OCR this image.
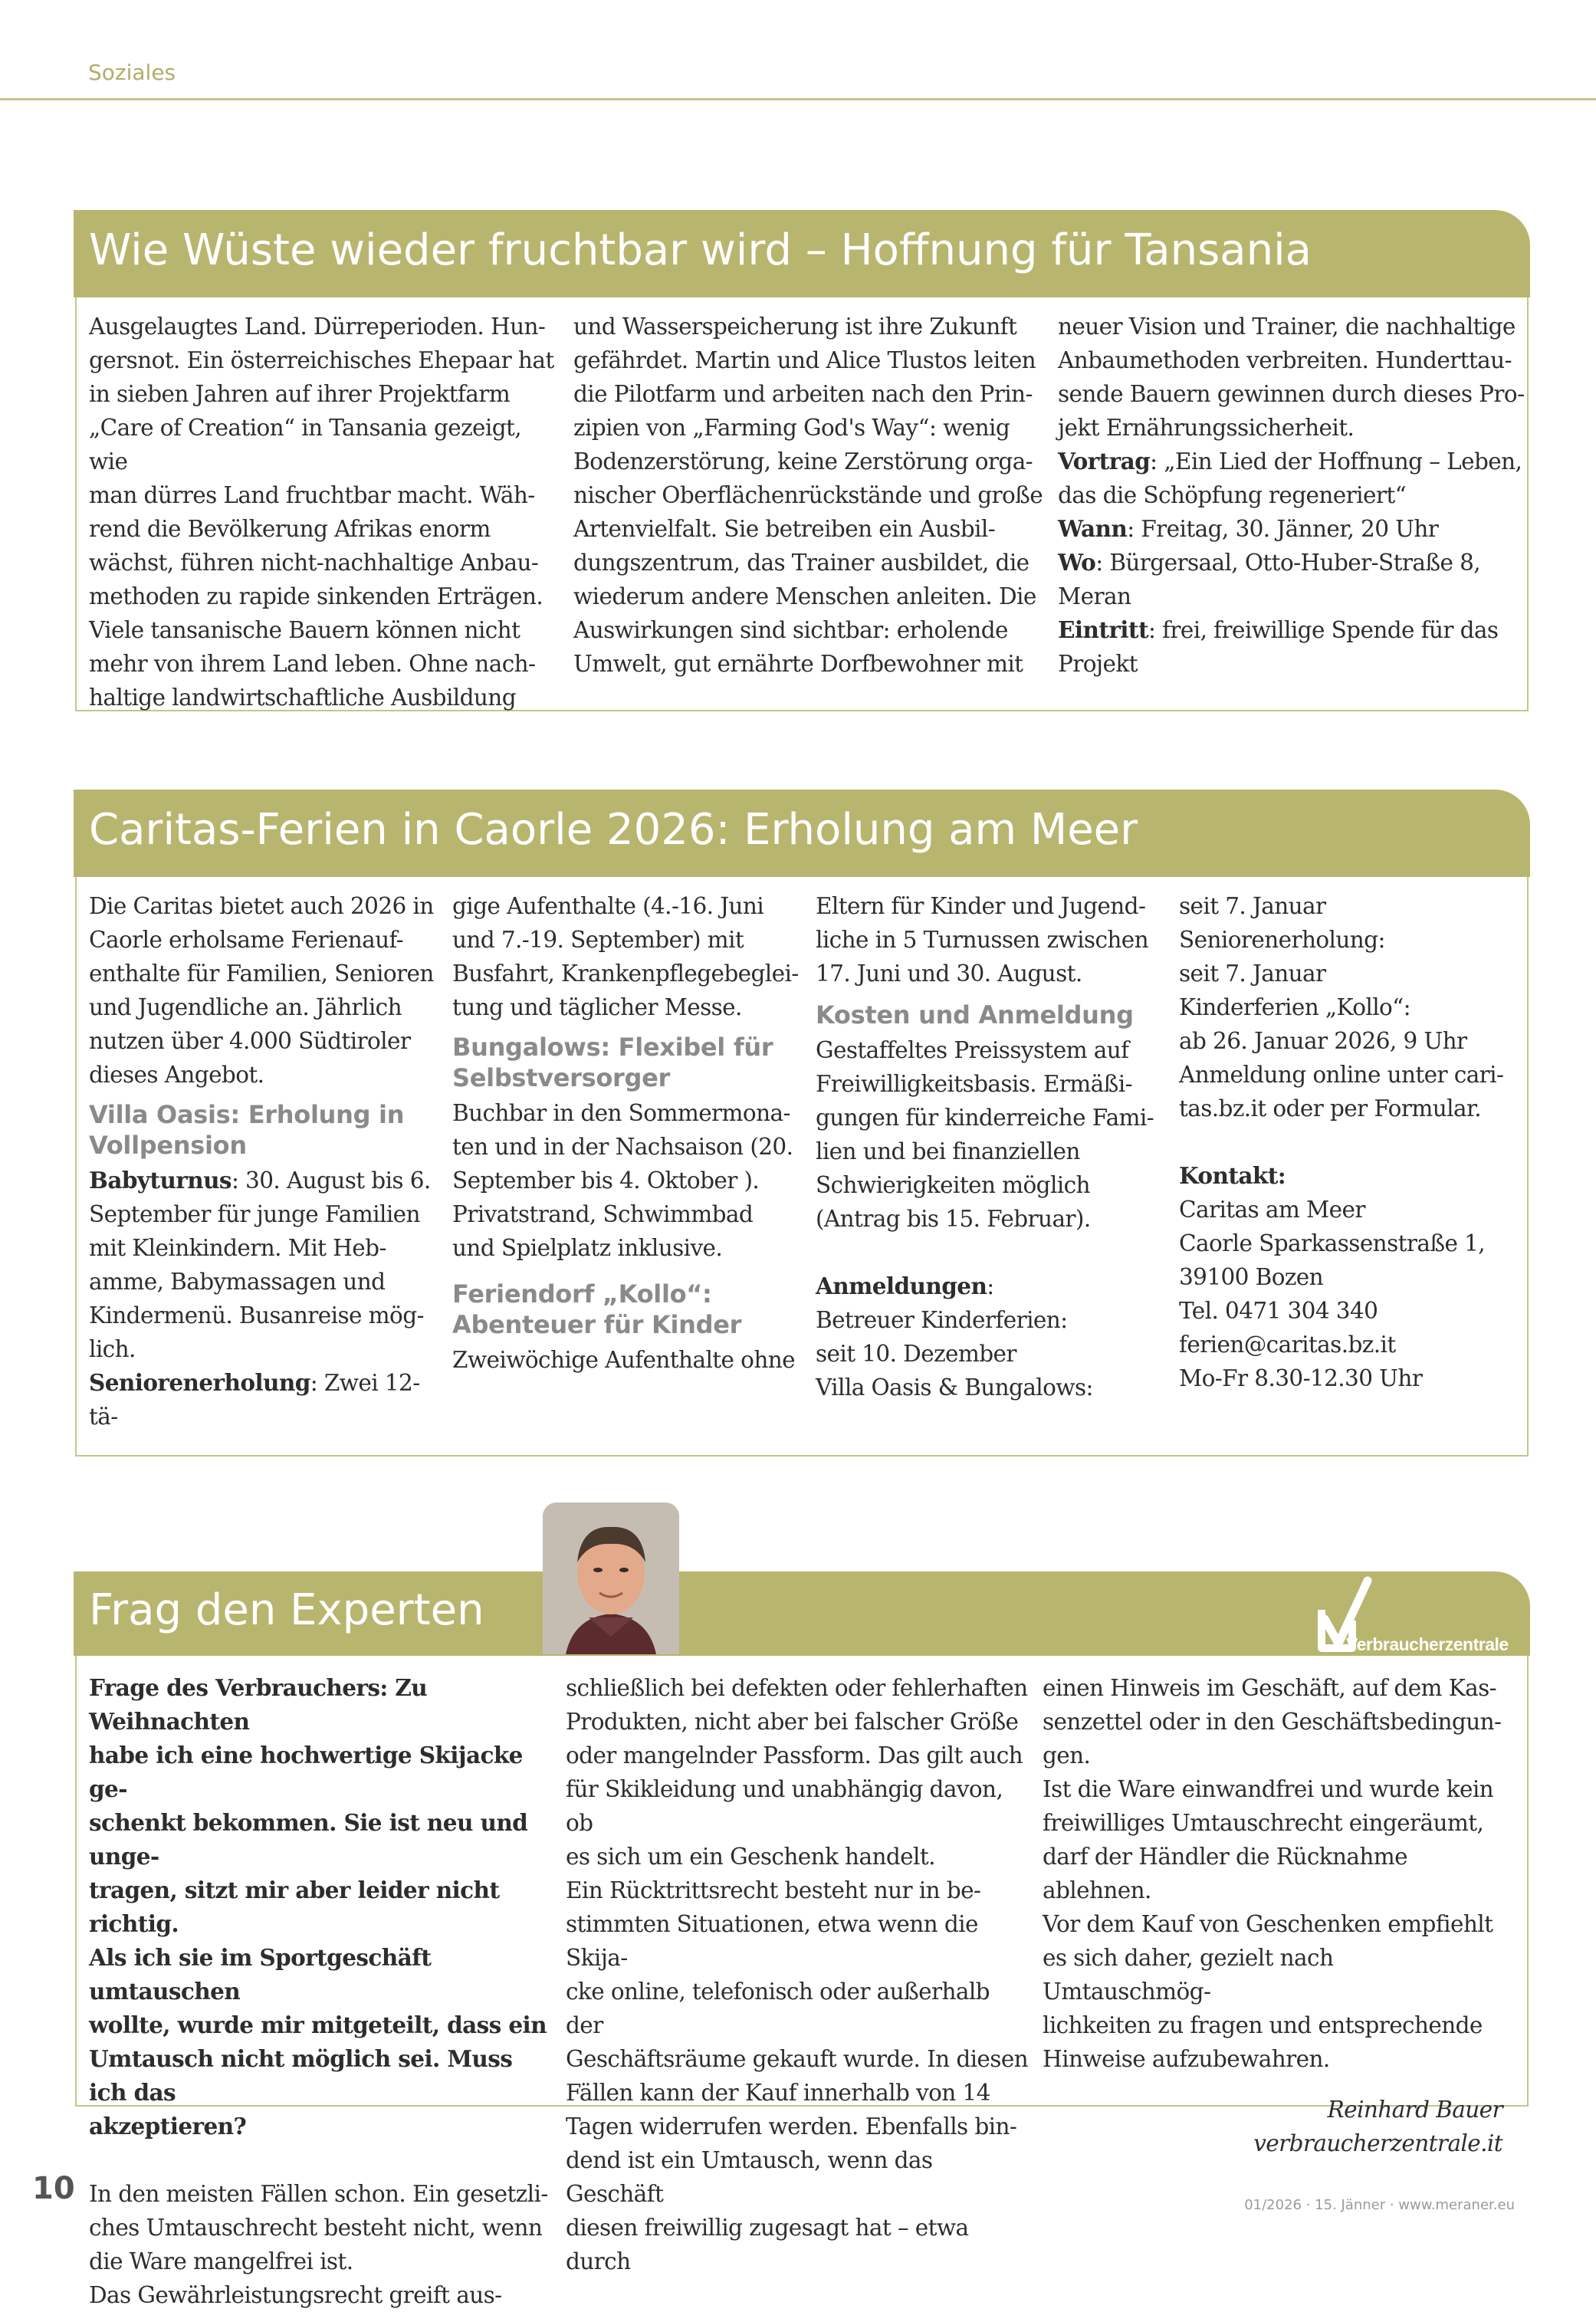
Soziales
Wie Wüste wieder fruchtbar wird – Hoffnung für Tansania

Ausgelaugtes Land. Dürreperioden. Hun-

gersnot. Ein österreichisches Ehepaar hat

in sieben Jahren auf ihrer Projektfarm

„Care of Creation“ in Tansania gezeigt, wie

man dürres Land fruchtbar macht. Wäh-

rend die Bevölkerung Afrikas enorm

wächst, führen nicht-nachhaltige Anbau-

methoden zu rapide sinkenden Erträgen.

Viele tansanische Bauern können nicht

mehr von ihrem Land leben. Ohne nach-

haltige landwirtschaftliche Ausbildung

und Wasserspeicherung ist ihre Zukunft

gefährdet. Martin und Alice Tlustos leiten

die Pilotfarm und arbeiten nach den Prin-

zipien von „Farming God's Way“: wenig

Bodenzerstörung, keine Zerstörung orga-

nischer Oberflächenrückstände und große

Artenvielfalt. Sie betreiben ein Ausbil-

dungszentrum, das Trainer ausbildet, die

wiederum andere Menschen anleiten. Die

Auswirkungen sind sichtbar: erholende

Umwelt, gut ernährte Dorfbewohner mit

neuer Vision und Trainer, die nachhaltige

Anbaumethoden verbreiten. Hunderttau-

sende Bauern gewinnen durch dieses Pro-

jekt Ernährungssicherheit.

Vortrag: „Ein Lied der Hoffnung – Leben,

das die Schöpfung regeneriert“

Wann: Freitag, 30. Jänner, 20 Uhr

Wo: Bürgersaal, Otto-Huber-Straße 8,

Meran

Eintritt: frei, freiwillige Spende für das

Projekt

Caritas-Ferien in Caorle 2026: Erholung am Meer

Die Caritas bietet auch 2026 in

Caorle erholsame Ferienauf-

enthalte für Familien, Senioren

und Jugendliche an. Jährlich

nutzen über 4.000 Südtiroler

dieses Angebot.

Villa Oasis: Erholung in

Vollpension

Babyturnus: 30. August bis 6.

September für junge Familien

mit Kleinkindern. Mit Heb-

amme, Babymassagen und

Kindermenü. Busanreise mög-

lich.

Seniorenerholung: Zwei 12-tä-

gige Aufenthalte (4.-16. Juni

und 7.-19. September) mit

Busfahrt, Krankenpflegebeglei-

tung und täglicher Messe.

Bungalows: Flexibel für

Selbstversorger

Buchbar in den Sommermona-

ten und in der Nachsaison (20.

September bis 4. Oktober ).

Privatstrand, Schwimmbad

und Spielplatz inklusive.

Feriendorf „Kollo“:

Abenteuer für Kinder

Zweiwöchige Aufenthalte ohne

Eltern für Kinder und Jugend-

liche in 5 Turnussen zwischen

17. Juni und 30. August.

Kosten und Anmeldung

Gestaffeltes Preissystem auf

Freiwilligkeitsbasis. Ermäßi-

gungen für kinderreiche Fami-

lien und bei finanziellen

Schwierigkeiten möglich

(Antrag bis 15. Februar).

Anmeldungen:

Betreuer Kinderferien:

seit 10. Dezember

Villa Oasis & Bungalows:

seit 7. Januar

Seniorenerholung:

seit 7. Januar

Kinderferien „Kollo“:

ab 26. Januar 2026, 9 Uhr

Anmeldung online unter cari-

tas.bz.it oder per Formular.

Kontakt:

Caritas am Meer

Caorle Sparkassenstraße 1,

39100 Bozen

Tel. 0471 304 340

ferien@caritas.bz.it

Mo-Fr 8.30-12.30 Uhr

Frag den Experten
Verbraucherzentrale

Frage des Verbrauchers: Zu Weihnachten

habe ich eine hochwertige Skijacke ge-

schenkt bekommen. Sie ist neu und unge-

tragen, sitzt mir aber leider nicht richtig.

Als ich sie im Sportgeschäft umtauschen

wollte, wurde mir mitgeteilt, dass ein

Umtausch nicht möglich sei. Muss ich das

akzeptieren?

In den meisten Fällen schon. Ein gesetzli-

ches Umtauschrecht besteht nicht, wenn

die Ware mangelfrei ist.

Das Gewährleistungsrecht greift aus-

schließlich bei defekten oder fehlerhaften

Produkten, nicht aber bei falscher Größe

oder mangelnder Passform. Das gilt auch

für Skikleidung und unabhängig davon, ob

es sich um ein Geschenk handelt.

Ein Rücktrittsrecht besteht nur in be-

stimmten Situationen, etwa wenn die Skija-

cke online, telefonisch oder außerhalb der

Geschäftsräume gekauft wurde. In diesen

Fällen kann der Kauf innerhalb von 14

Tagen widerrufen werden. Ebenfalls bin-

dend ist ein Umtausch, wenn das Geschäft

diesen freiwillig zugesagt hat – etwa durch

einen Hinweis im Geschäft, auf dem Kas-

senzettel oder in den Geschäftsbedingun-

gen.

Ist die Ware einwandfrei und wurde kein

freiwilliges Umtauschrecht eingeräumt,

darf der Händler die Rücknahme ablehnen.

Vor dem Kauf von Geschenken empfiehlt

es sich daher, gezielt nach Umtauschmög-

lichkeiten zu fragen und entsprechende

Hinweise aufzubewahren.

Reinhard Bauer

verbraucherzentrale.it

10	01/2026 · 15. Jänner · www.meraner.eu
